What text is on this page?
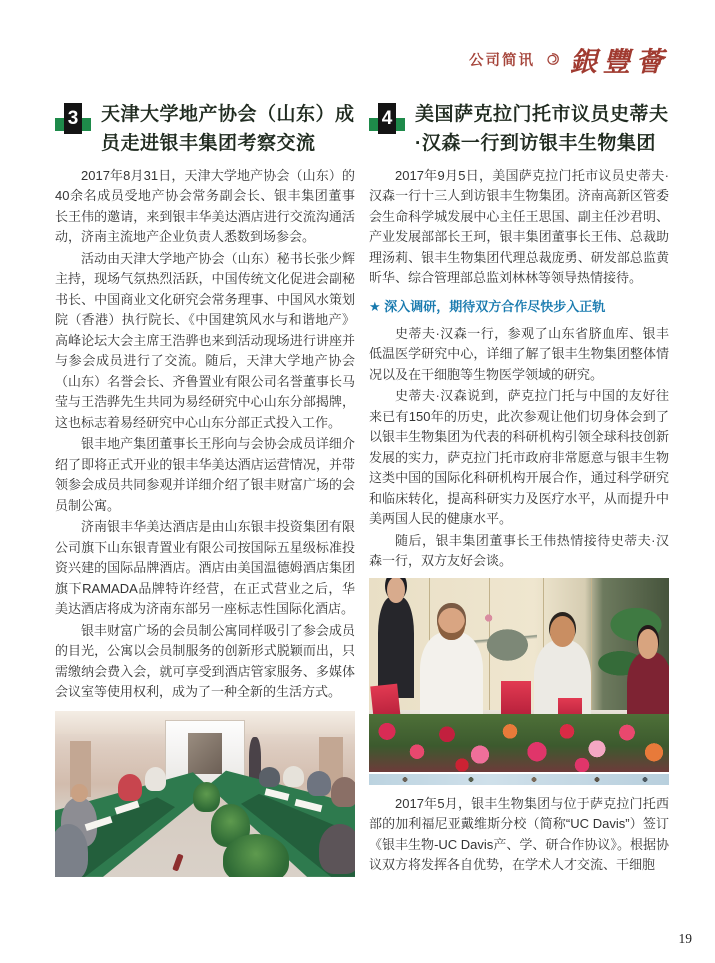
公司简讯 銀豐薈
3 天津大学地产协会（山东）成员走进银丰集团考察交流

2017年8月31日，天津大学地产协会（山东）的40余名成员受地产协会常务副会长、银丰集团董事长王伟的邀请，来到银丰华美达酒店进行交流沟通活动，济南主流地产企业负责人悉数到场参会。

活动由天津大学地产协会（山东）秘书长张少辉主持，现场气氛热烈活跃，中国传统文化促进会副秘书长、中国商业文化研究会常务理事、中国风水策划院（香港）执行院长、《中国建筑风水与和谐地产》高峰论坛大会主席王浩骅也来到活动现场进行讲座并与参会成员进行了交流。随后，天津大学地产协会（山东）名誉会长、齐鲁置业有限公司名誉董事长马莹与王浩骅先生共同为易经研究中心山东分部揭牌，这也标志着易经研究中心山东分部正式投入工作。

银丰地产集团董事长王彤向与会协会成员详细介绍了即将正式开业的银丰华美达酒店运营情况，并带领参会成员共同参观并详细介绍了银丰财富广场的会员制公寓。

济南银丰华美达酒店是由山东银丰投资集团有限公司旗下山东银青置业有限公司按国际五星级标准投资兴建的国际品牌酒店。酒店由美国温德姆酒店集团旗下RAMADA品牌特许经营，在正式营业之后，华美达酒店将成为济南东部另一座标志性国际化酒店。

银丰财富广场的会员制公寓同样吸引了参会成员的目光，公寓以会员制服务的创新形式脱颖而出，只需缴纳会费入会，就可享受到酒店管家服务、多媒体会议室等使用权利，成为了一种全新的生活方式。

4 美国萨克拉门托市议员史蒂夫·汉森一行到访银丰生物集团

2017年9月5日，美国萨克拉门托市议员史蒂夫·汉森一行十三人到访银丰生物集团。济南高新区管委会生命科学城发展中心主任王思国、副主任沙君明、产业发展部部长王珂，银丰集团董事长王伟、总裁助理汤莉、银丰生物集团代理总裁庞勇、研发部总监黄昕华、综合管理部总监刘林林等领导热情接待。

★ 深入调研，期待双方合作尽快步入正轨

史蒂夫·汉森一行，参观了山东省脐血库、银丰低温医学研究中心，详细了解了银丰生物集团整体情况以及在干细胞等生物医学领域的研究。

史蒂夫·汉森说到，萨克拉门托与中国的友好往来已有150年的历史，此次参观让他们切身体会到了以银丰生物集团为代表的科研机构引领全球科技创新发展的实力，萨克拉门托市政府非常愿意与银丰生物这类中国的国际化科研机构开展合作，通过科学研究和临床转化，提高科研实力及医疗水平，从而提升中美两国人民的健康水平。

随后，银丰集团董事长王伟热情接待史蒂夫·汉森一行，双方友好会谈。

2017年5月，银丰生物集团与位于萨克拉门托西部的加利福尼亚戴维斯分校（简称“UC Davis”）签订《银丰生物-UC Davis产、学、研合作协议》。根据协议双方将发挥各自优势，在学术人才交流、干细胞

19
